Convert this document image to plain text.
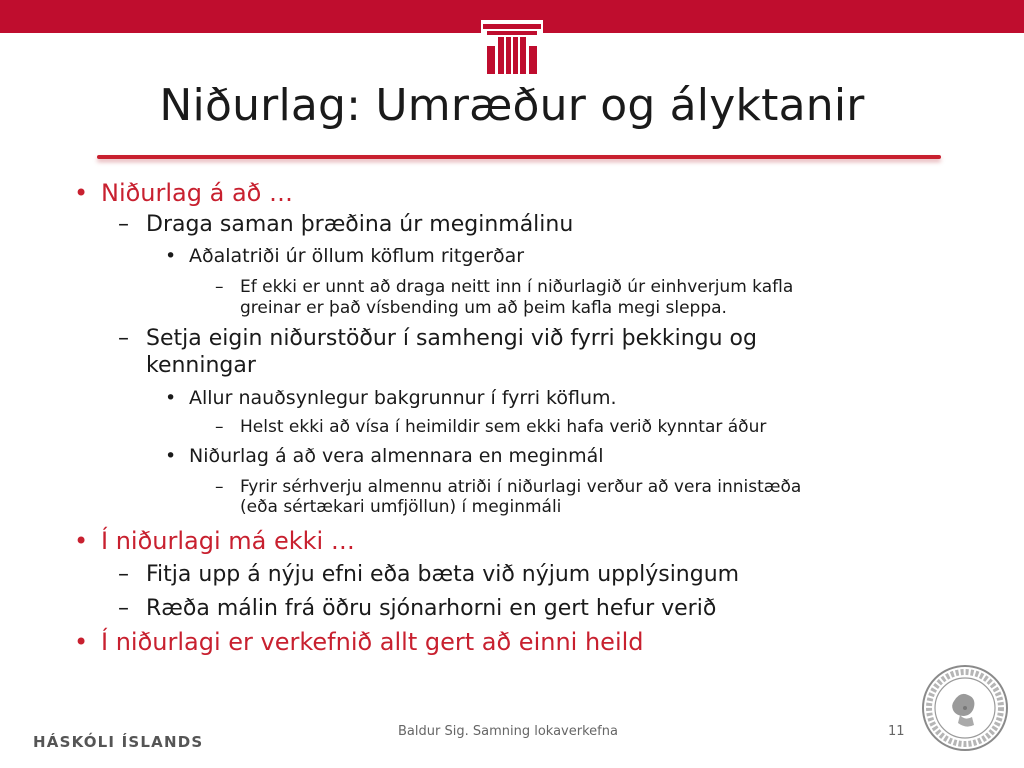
Niðurlag: Umræður og ályktanir
• Niðurlag á að …
– Draga saman þræðina úr meginmálinu
• Aðalatriði úr öllum köflum ritgerðar
– Ef ekki er unnt að draga neitt inn í niðurlagið úr einhverjum kafla
greinar er það vísbending um að þeim kafla megi sleppa.
– Setja eigin niðurstöður í samhengi við fyrri þekkingu og
kenningar
• Allur nauðsynlegur bakgrunnur í fyrri köflum.
– Helst ekki að vísa í heimildir sem ekki hafa verið kynntar áður
• Niðurlag á að vera almennara en meginmál
– Fyrir sérhverju almennu atriði í niðurlagi verður að vera innistæða
(eða sértækari umfjöllun) í meginmáli
• Í niðurlagi má ekki …
– Fitja upp á nýju efni eða bæta við nýjum upplýsingum
– Ræða málin frá öðru sjónarhorni en gert hefur verið
• Í niðurlagi er verkefnið allt gert að einni heild
HÁSKÓLI ÍSLANDS
Baldur Sig. Samning lokaverkefna	11
